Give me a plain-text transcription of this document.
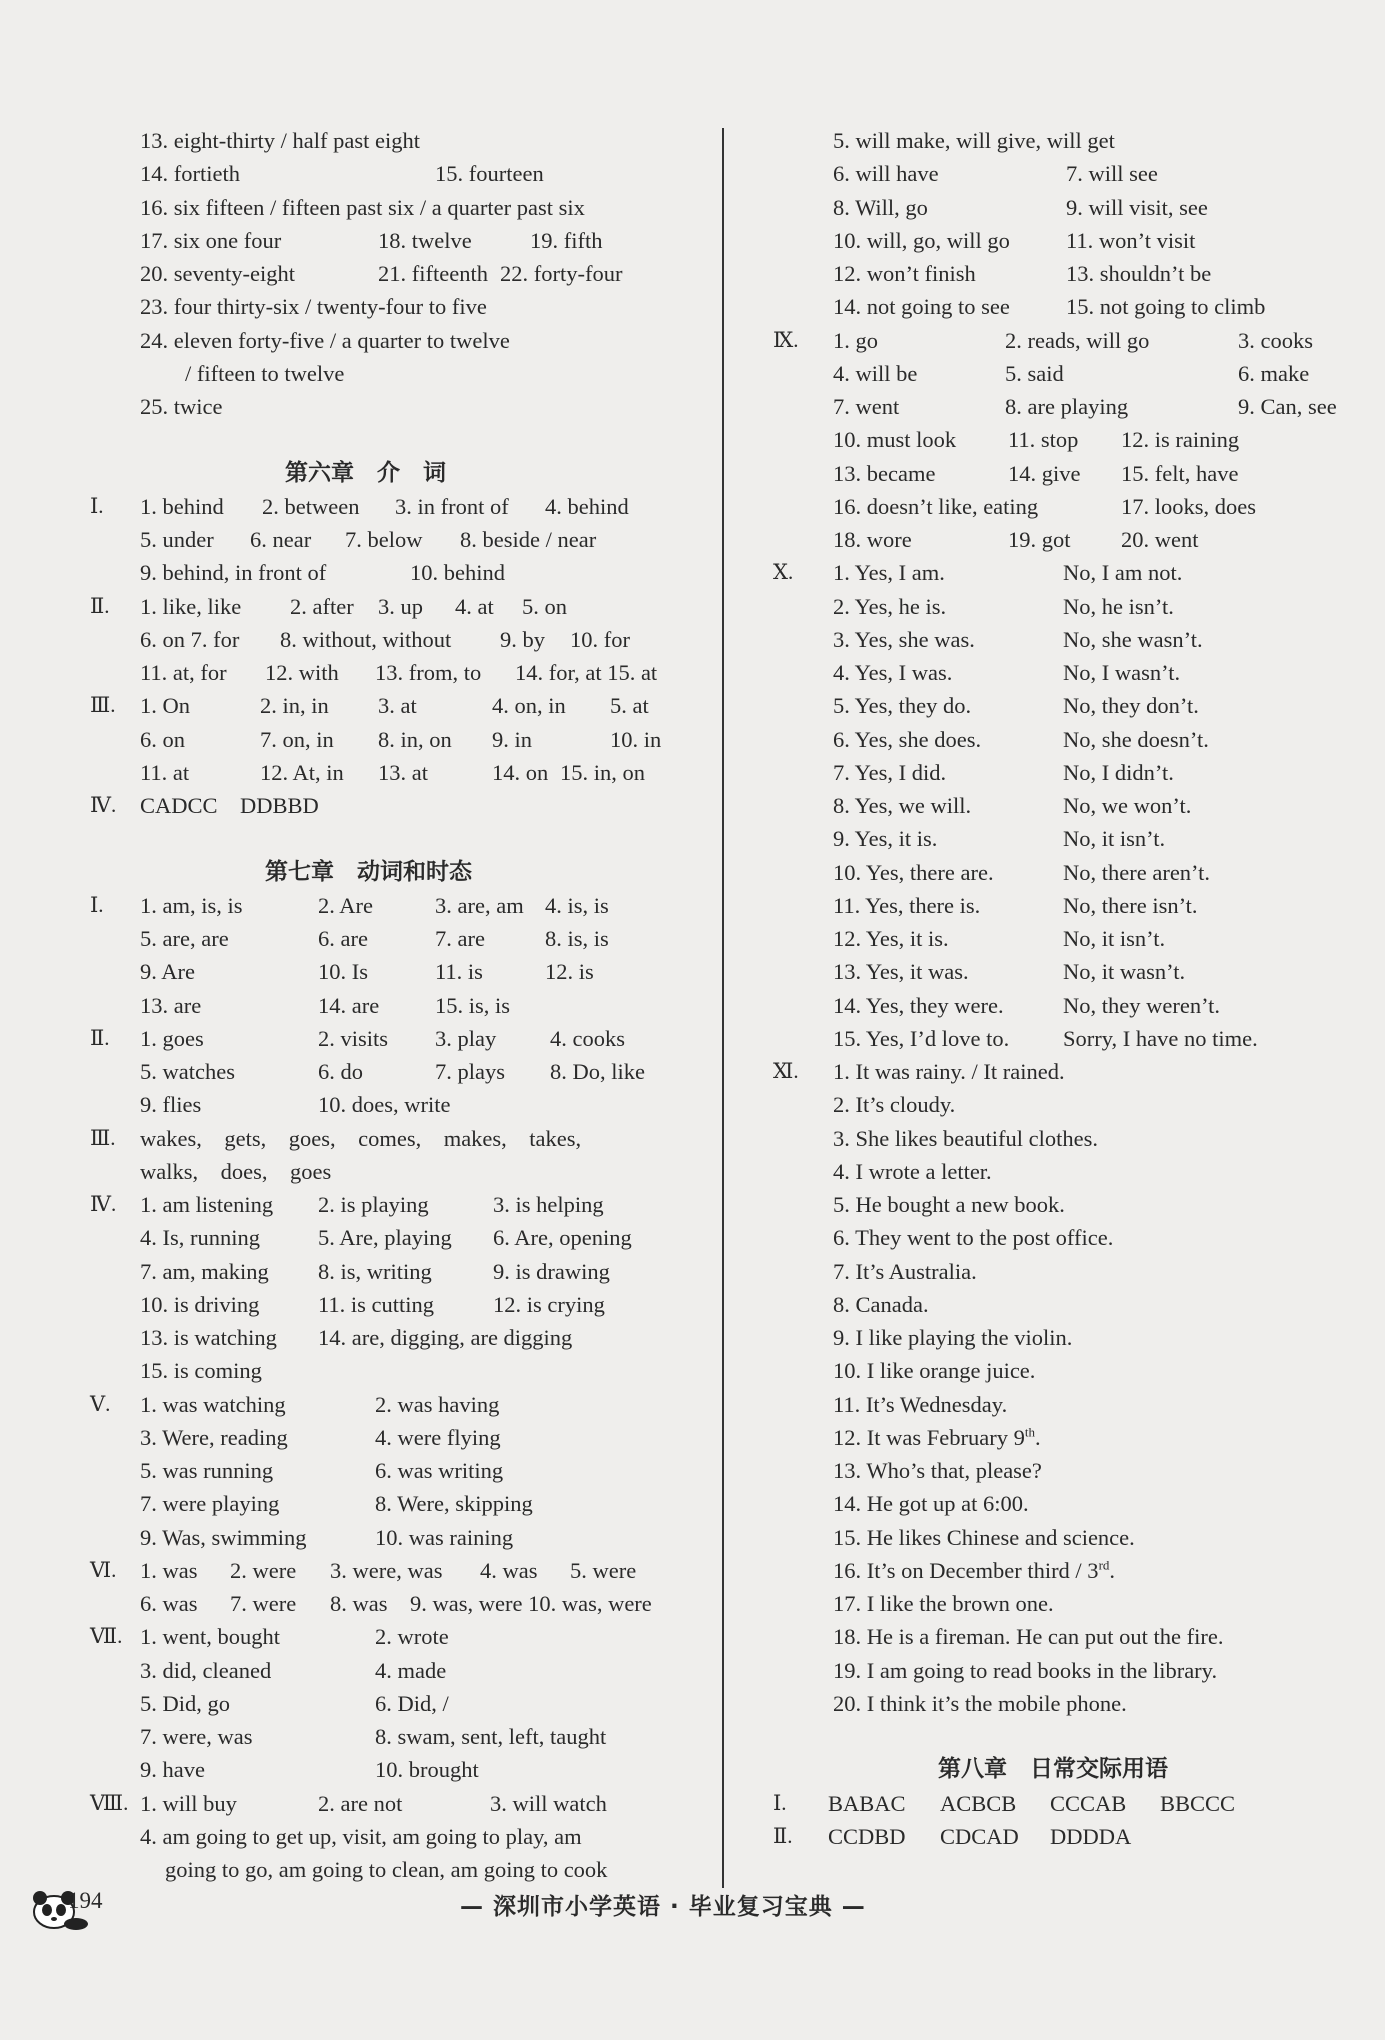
13. eight-thirty / half past eight
14. fortieth	15. fourteen
16. six fifteen / fifteen past six / a quarter past six
17. six one four	18. twelve	19. fifth
20. seventy-eight	21. fifteenth 22. forty-four
23. four thirty-six / twenty-four to five
24. eleven forty-five / a quarter to twelve
/ fifteen to twelve
25. twice
第六章　介　词
Ⅰ. 1. behind 2. between 3. in front of 4. behind
5. under 6. near 7. below 8. beside / near
9. behind, in front of	10. behind
Ⅱ. 1. like, like 2. after 3. up 4. at 5. on
6. on 7. for 8. without, without 9. by 10. for
11. at, for 12. with 13. from, to 14. for, at 15. at
Ⅲ. 1. On	2. in, in 3. at	4. on, in 5. at
6. on	7. on, in 8. in, on 9. in	10. in
11. at	12. At, in 13. at	14. on 15. in, on
Ⅳ. CADCC　DDBBD
第七章　动词和时态
Ⅰ. 1. am, is, is	2. Are	3. are, am 4. is, is
5. are, are	6. are	7. are	8. is, is
9. Are	10. Is	11. is	12. is
13. are	14. are 15. is, is
Ⅱ. 1. goes	2. visits 3. play 4. cooks
5. watches	6. do	7. plays 8. Do, like
9. flies	10. does, write
Ⅲ. wakes,　gets,　goes,　comes,　makes,　takes,
walks,　does,　goes
Ⅳ. 1. am listening 2. is playing	3. is helping
4. Is, running	5. Are, playing 6. Are, opening
7. am, making 8. is, writing	9. is drawing
10. is driving	11. is cutting	12. is crying
13. is watching 14. are, digging, are digging
15. is coming
Ⅴ. 1. was watching	2. was having
3. Were, reading	4. were flying
5. was running	6. was writing
7. were playing	8. Were, skipping
9. Was, swimming	10. was raining
Ⅵ. 1. was 2. were 3. were, was 4. was 5. were
6. was 7. were 8. was 9. was, were 10. was, were
Ⅶ. 1. went, bought	2. wrote
3. did, cleaned	4. made
5. Did, go	6. Did, /
7. were, was	8. swam, sent, left, taught
9. have	10. brought
Ⅷ. 1. will buy	2. are not	3. will watch
4. am going to get up, visit, am going to play, am
going to go, am going to clean, am going to cook
5. will make, will give, will get
6. will have	7. will see
8. Will, go	9. will visit, see
10. will, go, will go 11. won’t visit
12. won’t finish	13. shouldn’t be
14. not going to see 15. not going to climb
Ⅸ. 1. go	2. reads, will go	3. cooks
4. will be	5. said	6. make
7. went	8. are playing	9. Can, see
10. must look 11. stop 12. is raining
13. became	14. give 15. felt, have
16. doesn’t like, eating	17. looks, does
18. wore	19. got 20. went
Ⅹ. 1. Yes, I am.	No, I am not.
2. Yes, he is.	No, he isn’t.
3. Yes, she was.	No, she wasn’t.
4. Yes, I was.	No, I wasn’t.
5. Yes, they do.	No, they don’t.
6. Yes, she does.	No, she doesn’t.
7. Yes, I did.	No, I didn’t.
8. Yes, we will.	No, we won’t.
9. Yes, it is.	No, it isn’t.
10. Yes, there are.	No, there aren’t.
11. Yes, there is.	No, there isn’t.
12. Yes, it is.	No, it isn’t.
13. Yes, it was.	No, it wasn’t.
14. Yes, they were.	No, they weren’t.
15. Yes, I’d love to. Sorry, I have no time.
Ⅺ. 1. It was rainy. / It rained.
2. It’s cloudy.
3. She likes beautiful clothes.
4. I wrote a letter.
5. He bought a new book.
6. They went to the post office.
7. It’s Australia.
8. Canada.
9. I like playing the violin.
10. I like orange juice.
11. It’s Wednesday.
12. It was February 9th.
13. Who’s that, please?
14. He got up at 6:00.
15. He likes Chinese and science.
16. It’s on December third / 3rd.
17. I like the brown one.
18. He is a fireman. He can put out the fire.
19. I am going to read books in the library.
20. I think it’s the mobile phone.
第八章　日常交际用语
Ⅰ. BABAC ACBCB CCCAB BBCCC
Ⅱ. CCDBD CDCAD DDDDA
194	— 深圳市小学英语 · 毕业复习宝典 —
